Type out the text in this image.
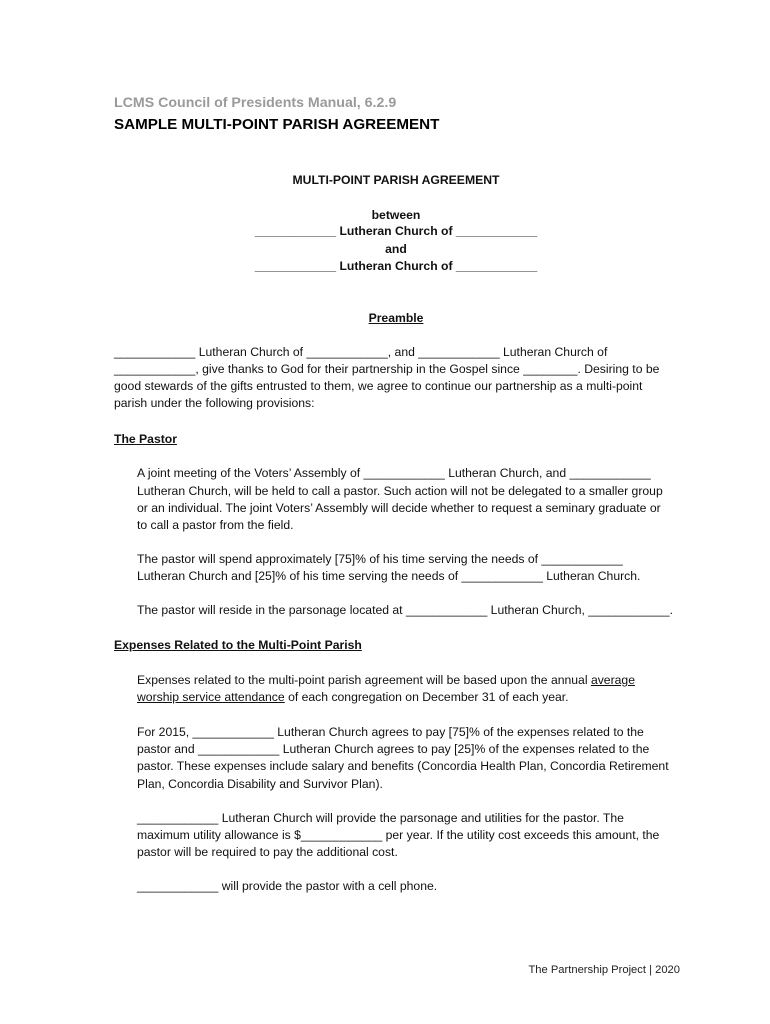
LCMS Council of Presidents Manual, 6.2.9
SAMPLE MULTI-POINT PARISH AGREEMENT
MULTI-POINT PARISH AGREEMENT
between
____________ Lutheran Church of ____________
and
____________ Lutheran Church of ____________
Preamble
____________ Lutheran Church of ____________, and ____________ Lutheran Church of
____________, give thanks to God for their partnership in the Gospel since ________. Desiring to be
good stewards of the gifts entrusted to them, we agree to continue our partnership as a multi-point
parish under the following provisions:
The Pastor
A joint meeting of the Voters’ Assembly of ____________ Lutheran Church, and ____________
Lutheran Church, will be held to call a pastor. Such action will not be delegated to a smaller group
or an individual. The joint Voters’ Assembly will decide whether to request a seminary graduate or
to call a pastor from the field.
The pastor will spend approximately [75]% of his time serving the needs of ____________
Lutheran Church and [25]% of his time serving the needs of ____________ Lutheran Church.
The pastor will reside in the parsonage located at ____________ Lutheran Church, ____________.
Expenses Related to the Multi-Point Parish
Expenses related to the multi-point parish agreement will be based upon the annual average
worship service attendance of each congregation on December 31 of each year.
For 2015, ____________ Lutheran Church agrees to pay [75]% of the expenses related to the
pastor and ____________ Lutheran Church agrees to pay [25]% of the expenses related to the
pastor. These expenses include salary and benefits (Concordia Health Plan, Concordia Retirement
Plan, Concordia Disability and Survivor Plan).
____________ Lutheran Church will provide the parsonage and utilities for the pastor. The
maximum utility allowance is $____________ per year. If the utility cost exceeds this amount, the
pastor will be required to pay the additional cost.
____________ will provide the pastor with a cell phone.
The Partnership Project | 2020
